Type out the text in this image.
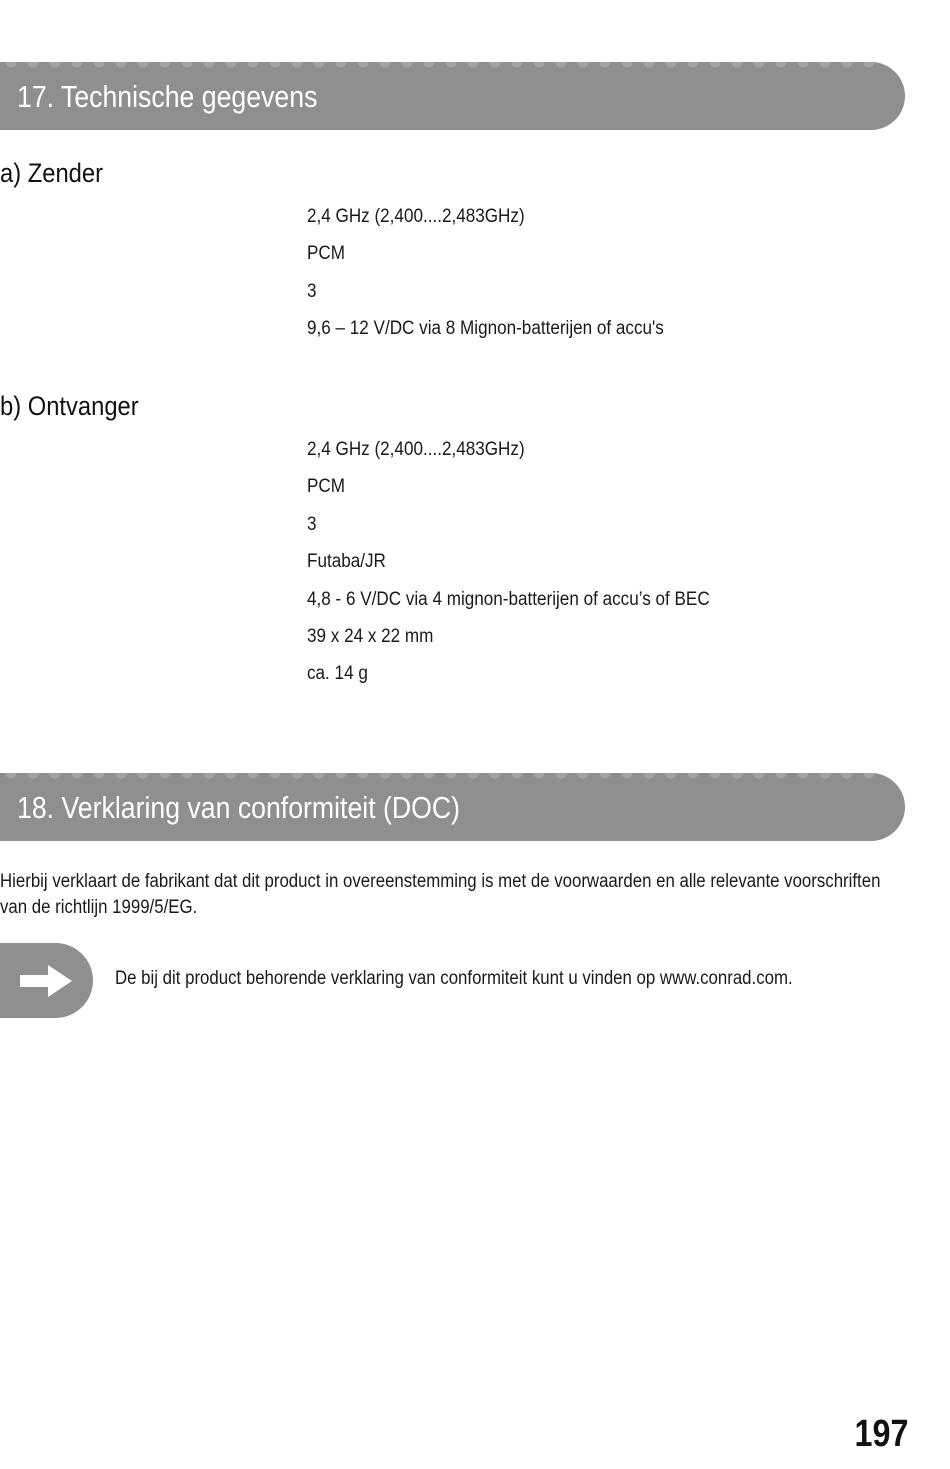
17. Technische gegevens
a) Zender
2,4 GHz (2,400....2,483GHz)
PCM
3
9,6 – 12 V/DC via 8 Mignon-batterijen of accu's
b) Ontvanger
2,4 GHz (2,400....2,483GHz)
PCM
3
Futaba/JR
4,8 - 6 V/DC via 4 mignon-batterijen of accu’s of BEC
39 x 24 x 22 mm
ca. 14 g
18. Verklaring van conformiteit (DOC)
Hierbij verklaart de fabrikant dat dit product in overeenstemming is met de voorwaarden en alle relevante voorschriften van de richtlijn 1999/5/EG.
De bij dit product behorende verklaring van conformiteit kunt u vinden op www.conrad.com.
197
